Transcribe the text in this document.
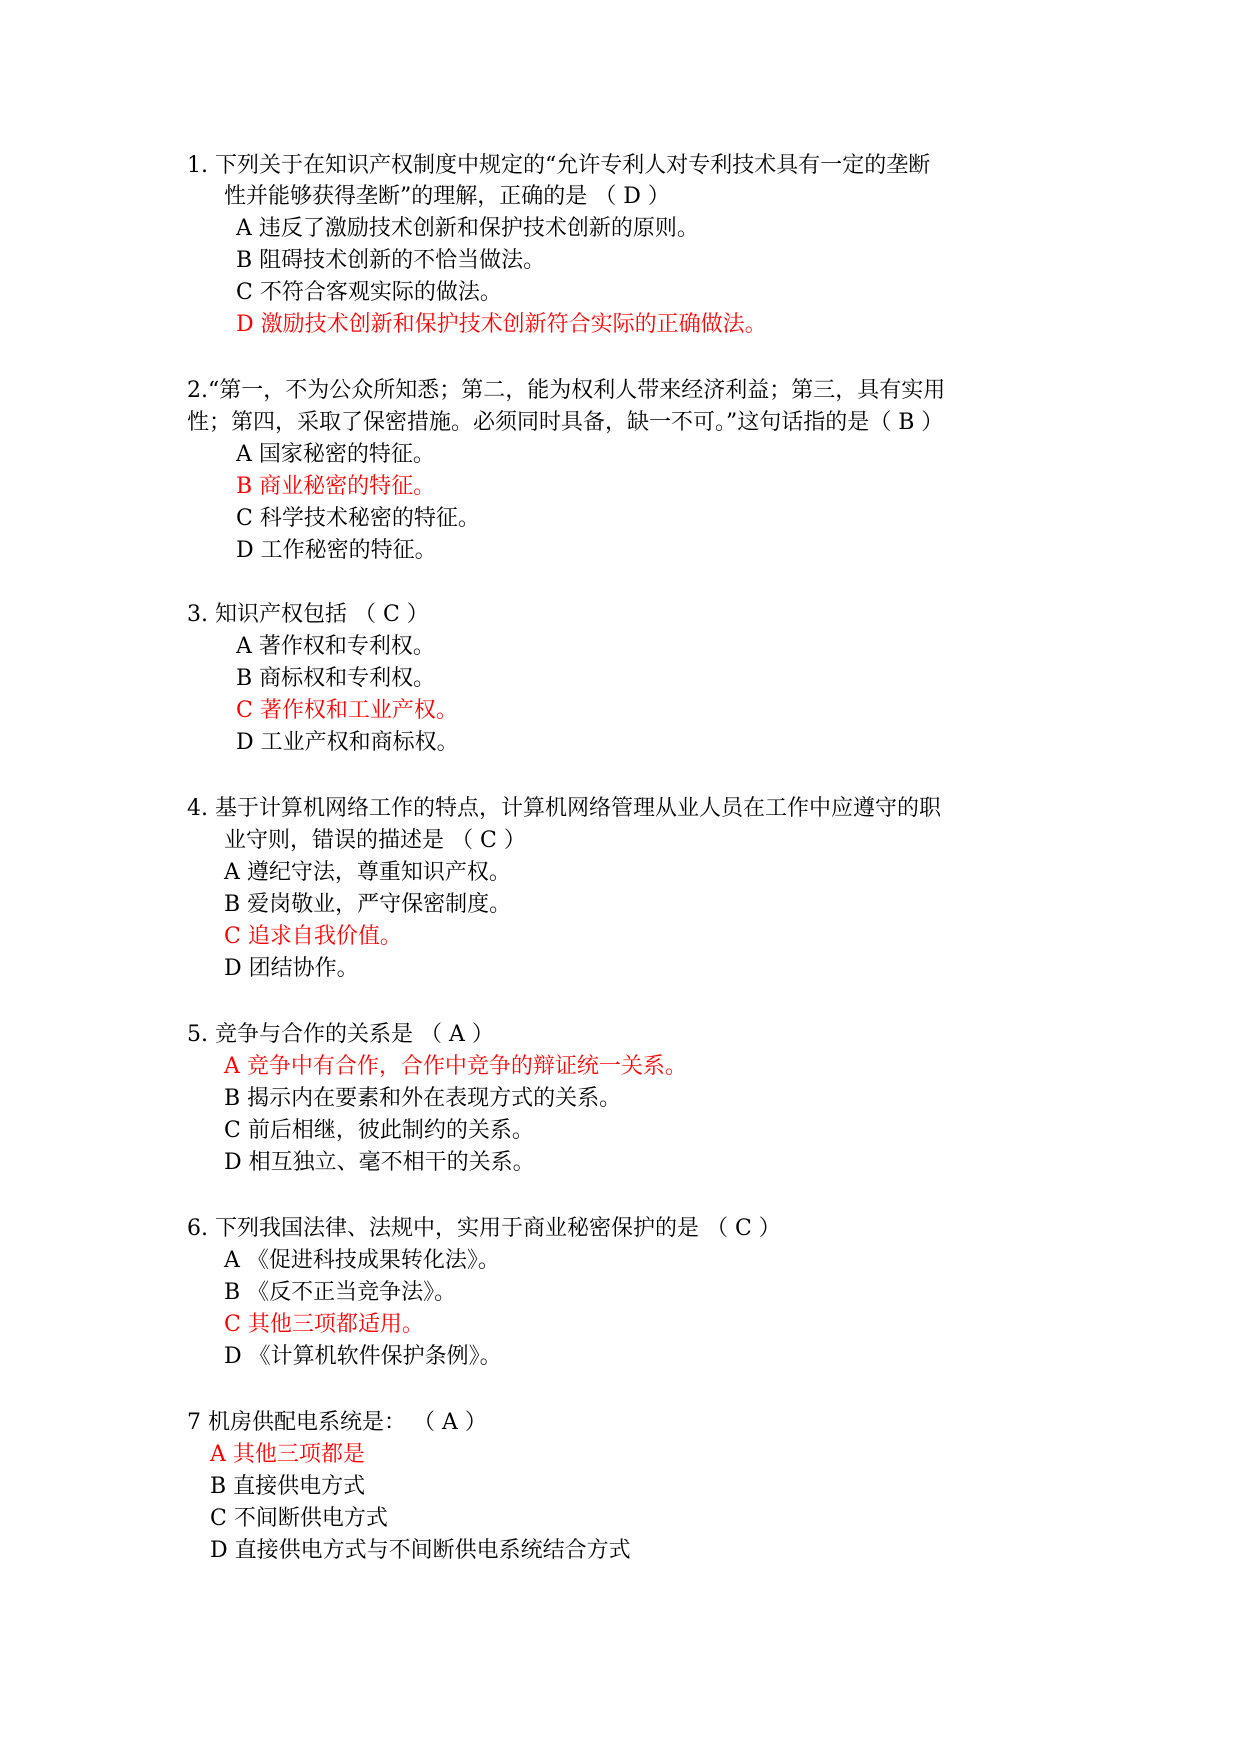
1. 下列关于在知识产权制度中规定的“允许专利人对专利技术具有一定的垄断
性并能够获得垄断”的理解，正确的是 （ D ）
A 违反了激励技术创新和保护技术创新的原则。
B 阻碍技术创新的不恰当做法。
C 不符合客观实际的做法。
D 激励技术创新和保护技术创新符合实际的正确做法。
2.“第一，不为公众所知悉；第二，能为权利人带来经济利益；第三，具有实用
性；第四，采取了保密措施。必须同时具备，缺一不可。”这句话指的是（ B ）
A 国家秘密的特征。
B 商业秘密的特征。
C 科学技术秘密的特征。
D 工作秘密的特征。
3. 知识产权包括 （ C ）
A 著作权和专利权。
B 商标权和专利权。
C 著作权和工业产权。
D 工业产权和商标权。
4. 基于计算机网络工作的特点，计算机网络管理从业人员在工作中应遵守的职
业守则，错误的描述是 （ C ）
A 遵纪守法，尊重知识产权。
B 爱岗敬业，严守保密制度。
C 追求自我价值。
D 团结协作。
5. 竞争与合作的关系是 （ A ）
A 竞争中有合作，合作中竞争的辩证统一关系。
B 揭示内在要素和外在表现方式的关系。
C 前后相继，彼此制约的关系。
D 相互独立、毫不相干的关系。
6. 下列我国法律、法规中，实用于商业秘密保护的是 （ C ）
A 《促进科技成果转化法》。
B 《反不正当竞争法》。
C 其他三项都适用。
D 《计算机软件保护条例》。
7 机房供配电系统是： （ A ）
A 其他三项都是
B 直接供电方式
C 不间断供电方式
D 直接供电方式与不间断供电系统结合方式
